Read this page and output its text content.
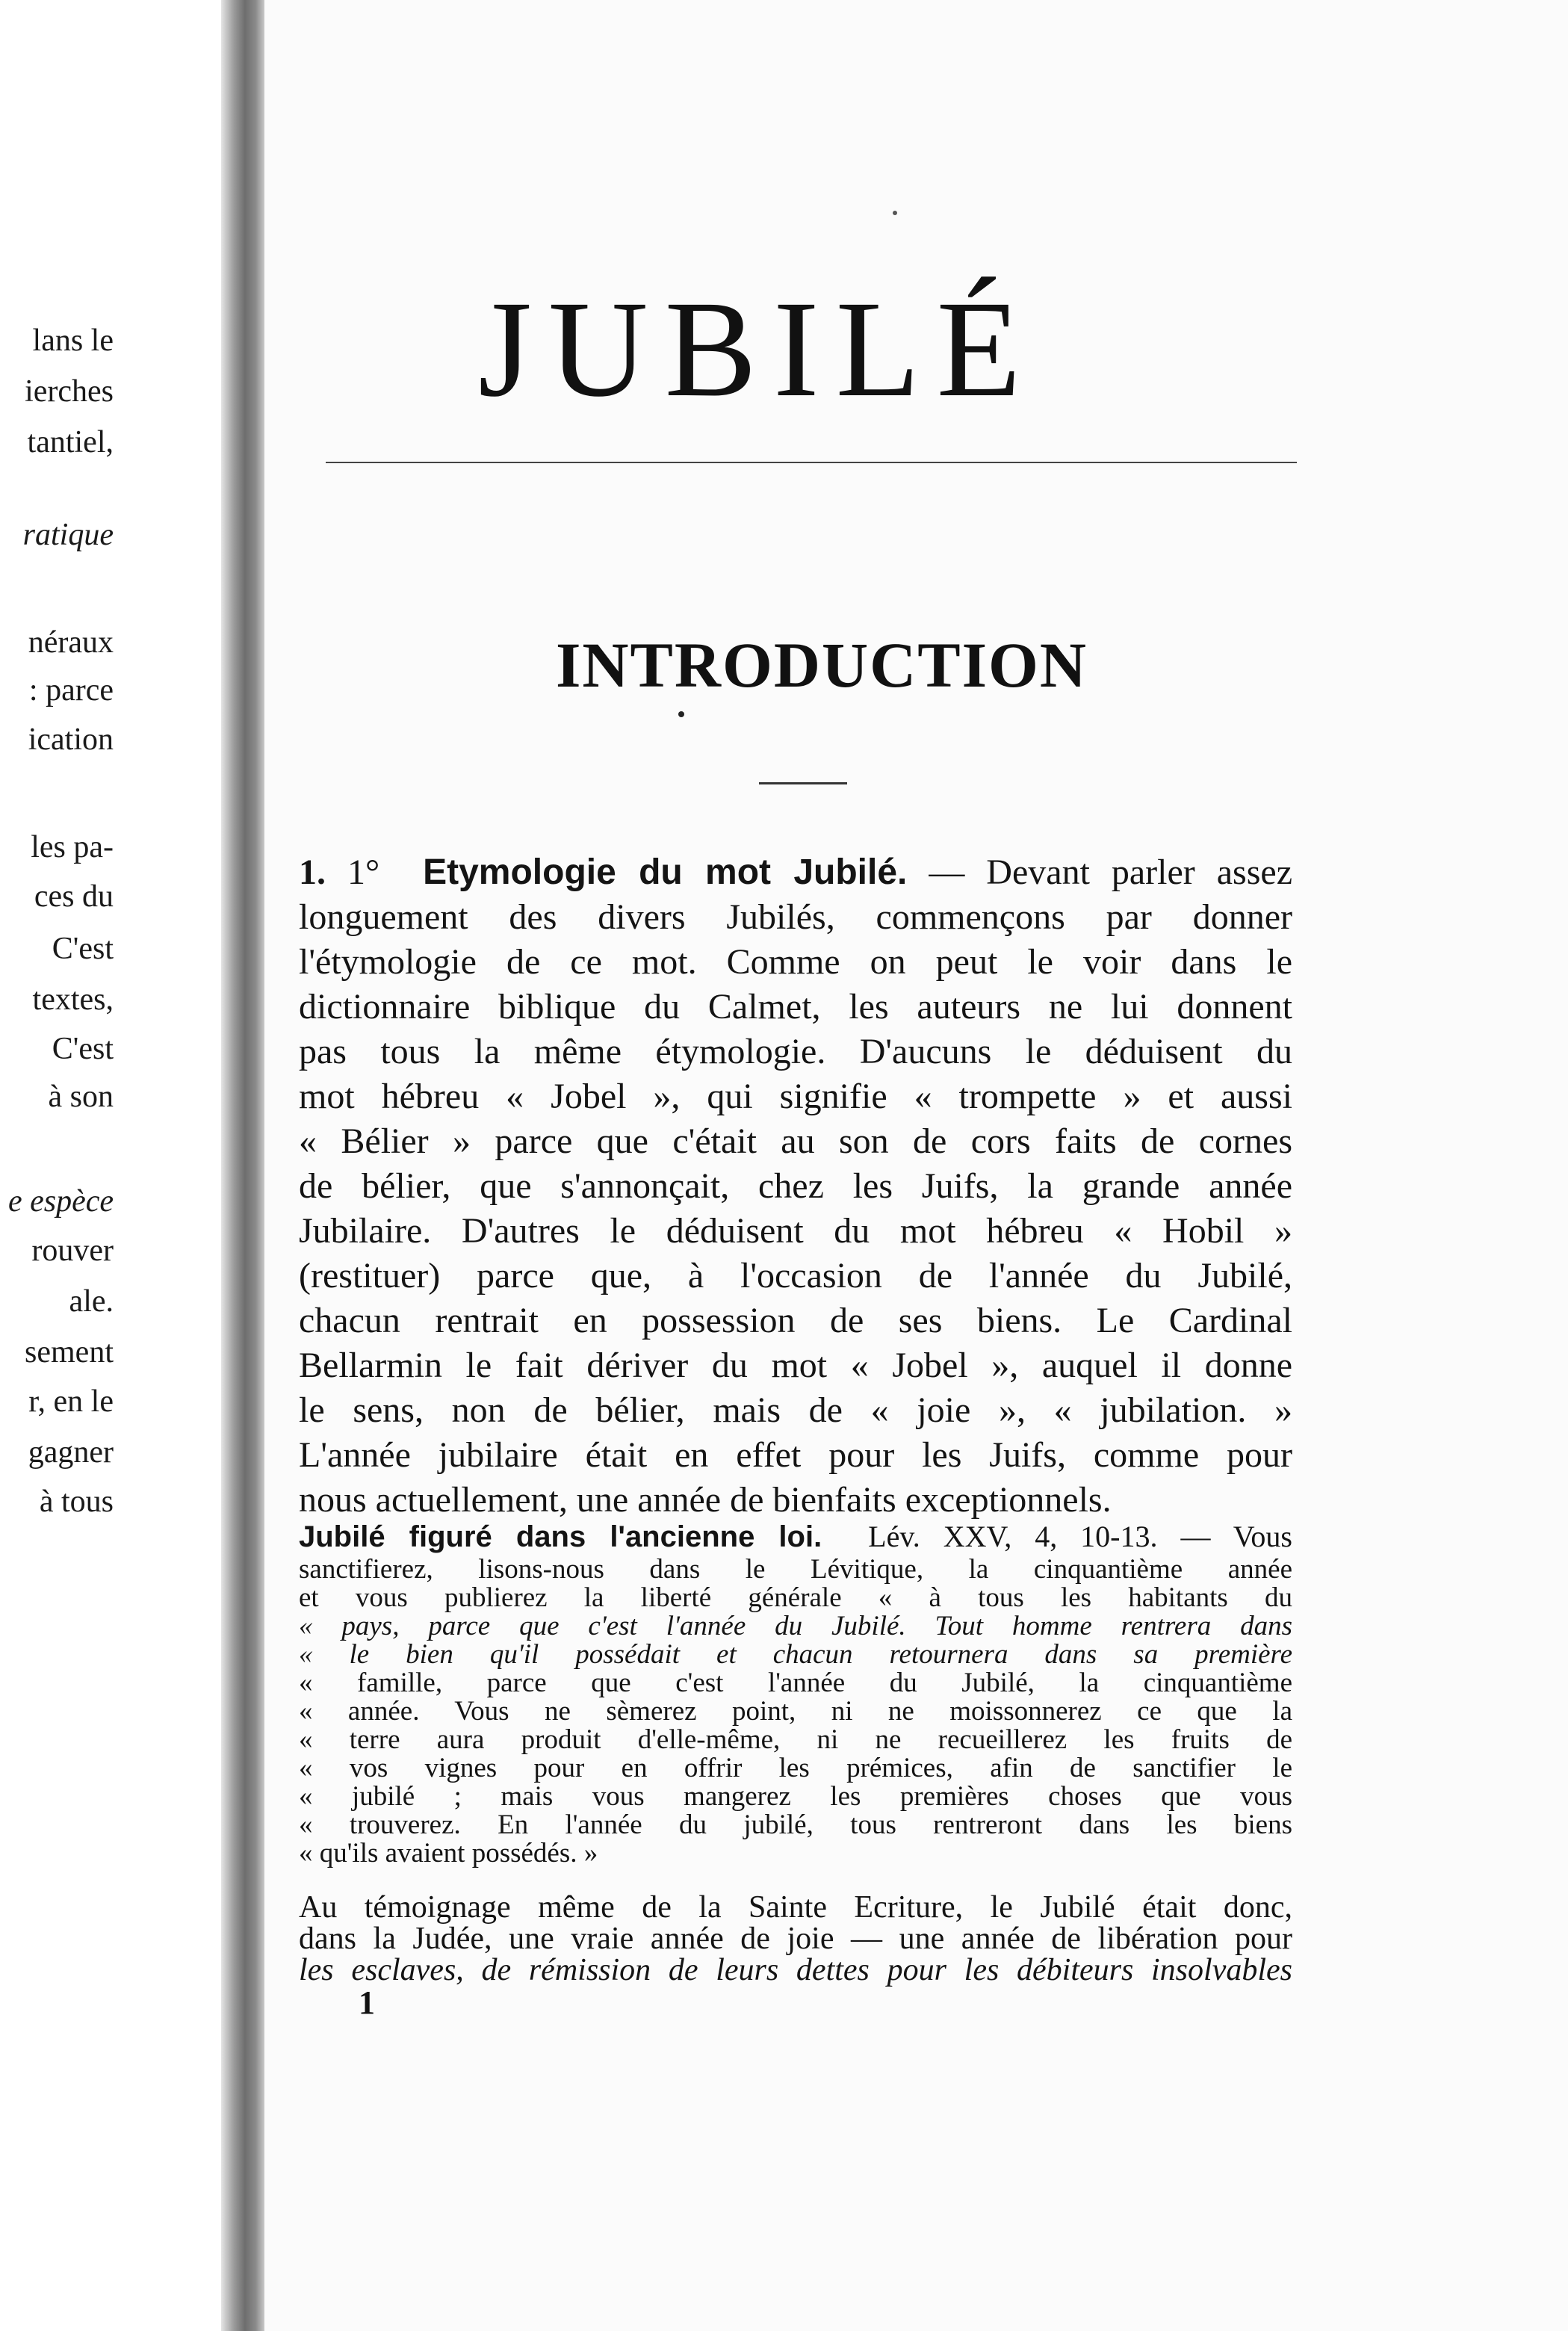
lans le
ierches
tantiel,
ratique
néraux
: parce
ication
les pa-
ces du
C'est
textes,
C'est
à son
e espèce
rouver
ale.
sement
r, en le
gagner
à tous
JUBILÉ
INTRODUCTION
1. 1° Etymologie du mot Jubilé. — Devant parler assez
longuement des divers Jubilés, commençons par donner
l'étymologie de ce mot. Comme on peut le voir dans le
dictionnaire biblique du Calmet, les auteurs ne lui donnent
pas tous la même étymologie. D'aucuns le déduisent du
mot hébreu « Jobel », qui signifie « trompette » et aussi
« Bélier » parce que c'était au son de cors faits de cornes
de bélier, que s'annonçait, chez les Juifs, la grande année
Jubilaire. D'autres le déduisent du mot hébreu « Hobil »
(restituer) parce que, à l'occasion de l'année du Jubilé,
chacun rentrait en possession de ses biens. Le Cardinal
Bellarmin le fait dériver du mot « Jobel », auquel il donne
le sens, non de bélier, mais de « joie », « jubilation. »
L'année jubilaire était en effet pour les Juifs, comme pour
nous actuellement, une année de bienfaits exceptionnels.
Jubilé figuré dans l'ancienne loi. Lév. XXV, 4, 10-13. — Vous
sanctifierez, lisons-nous dans le Lévitique, la cinquantième année
et vous publierez la liberté générale « à tous les habitants du
« pays, parce que c'est l'année du Jubilé. Tout homme rentrera dans
« le bien qu'il possédait et chacun retournera dans sa première
« famille, parce que c'est l'année du Jubilé, la cinquantième
« année. Vous ne sèmerez point, ni ne moissonnerez ce que la
« terre aura produit d'elle-même, ni ne recueillerez les fruits de
« vos vignes pour en offrir les prémices, afin de sanctifier le
« jubilé ; mais vous mangerez les premières choses que vous
« trouverez. En l'année du jubilé, tous rentreront dans les biens
« qu'ils avaient possédés. »
Au témoignage même de la Sainte Ecriture, le Jubilé était donc,
dans la Judée, une vraie année de joie — une année de libération pour
les esclaves, de rémission de leurs dettes pour les débiteurs insolvables
1
